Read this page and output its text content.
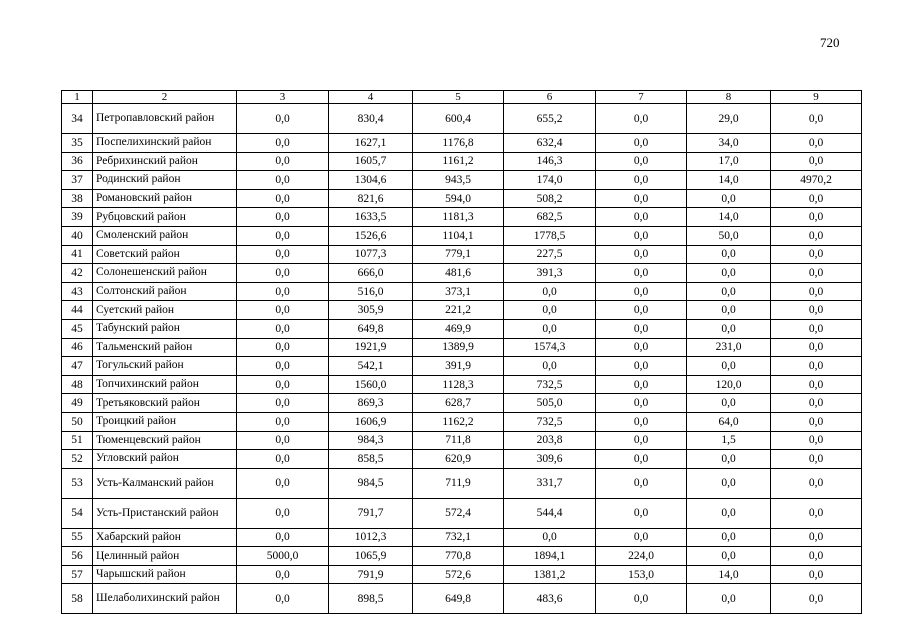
720
1	2	3	4	5	6	7	8	9
34	Петропавловский район	0,0	830,4	600,4	655,2	0,0	29,0	0,0
35	Поспелихинский район	0,0	1627,1	1176,8	632,4	0,0	34,0	0,0
36	Ребрихинский район	0,0	1605,7	1161,2	146,3	0,0	17,0	0,0
37	Родинский район	0,0	1304,6	943,5	174,0	0,0	14,0	4970,2
38	Романовский район	0,0	821,6	594,0	508,2	0,0	0,0	0,0
39	Рубцовский район	0,0	1633,5	1181,3	682,5	0,0	14,0	0,0
40	Смоленский район	0,0	1526,6	1104,1	1778,5	0,0	50,0	0,0
41	Советский район	0,0	1077,3	779,1	227,5	0,0	0,0	0,0
42	Солонешенский район	0,0	666,0	481,6	391,3	0,0	0,0	0,0
43	Солтонский район	0,0	516,0	373,1	0,0	0,0	0,0	0,0
44	Суетский район	0,0	305,9	221,2	0,0	0,0	0,0	0,0
45	Табунский район	0,0	649,8	469,9	0,0	0,0	0,0	0,0
46	Тальменский район	0,0	1921,9	1389,9	1574,3	0,0	231,0	0,0
47	Тогульский район	0,0	542,1	391,9	0,0	0,0	0,0	0,0
48	Топчихинский район	0,0	1560,0	1128,3	732,5	0,0	120,0	0,0
49	Третьяковский район	0,0	869,3	628,7	505,0	0,0	0,0	0,0
50	Троицкий район	0,0	1606,9	1162,2	732,5	0,0	64,0	0,0
51	Тюменцевский район	0,0	984,3	711,8	203,8	0,0	1,5	0,0
52	Угловский район	0,0	858,5	620,9	309,6	0,0	0,0	0,0
53	Усть-Калманский район	0,0	984,5	711,9	331,7	0,0	0,0	0,0
54	Усть-Пристанский район	0,0	791,7	572,4	544,4	0,0	0,0	0,0
55	Хабарский район	0,0	1012,3	732,1	0,0	0,0	0,0	0,0
56	Целинный район	5000,0	1065,9	770,8	1894,1	224,0	0,0	0,0
57	Чарышский район	0,0	791,9	572,6	1381,2	153,0	14,0	0,0
58	Шелаболихинский район	0,0	898,5	649,8	483,6	0,0	0,0	0,0
